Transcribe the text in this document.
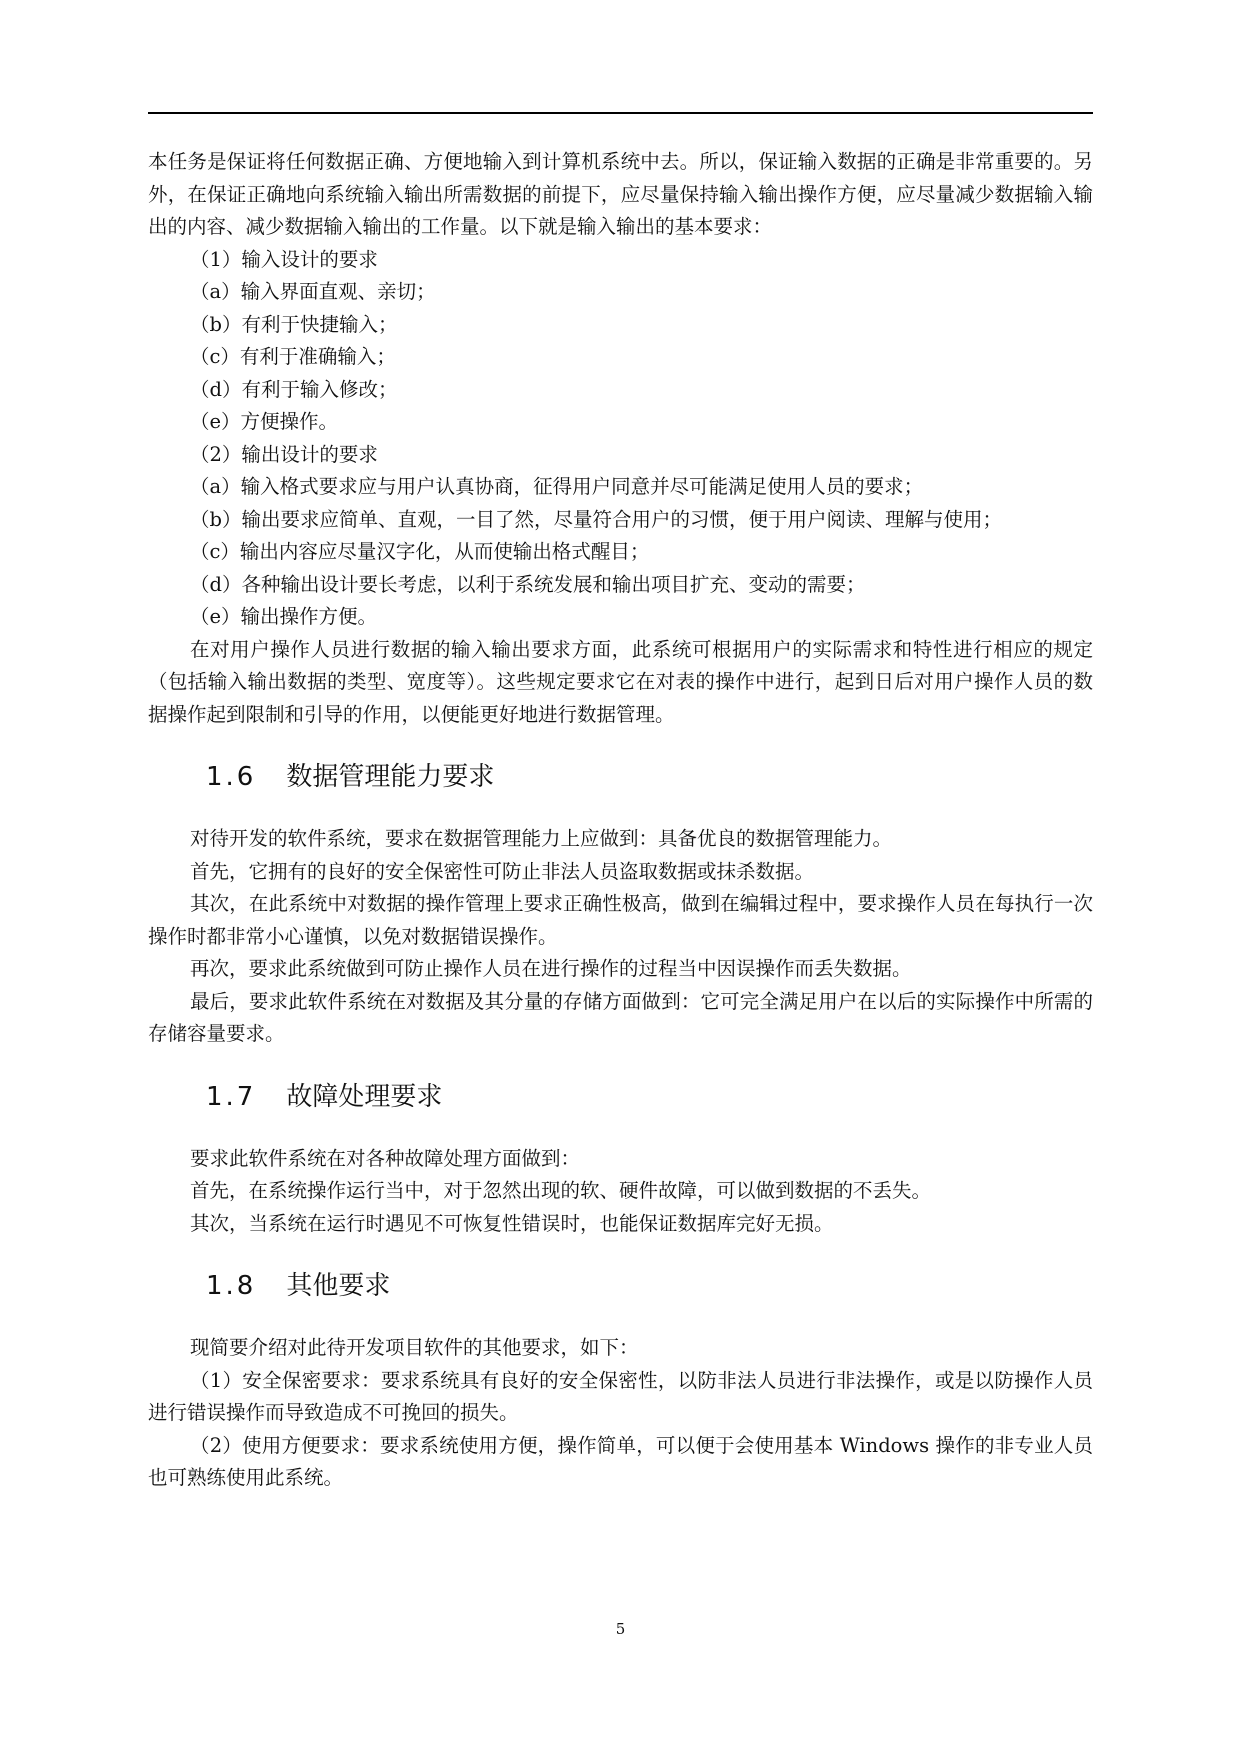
本任务是保证将任何数据正确、方便地输入到计算机系统中去。所以，保证输入数据的正确是非常重要的。另外，在保证正确地向系统输入输出所需数据的前提下，应尽量保持输入输出操作方便，应尽量减少数据输入输出的内容、减少数据输入输出的工作量。以下就是输入输出的基本要求：

（1）输入设计的要求

（a）输入界面直观、亲切；

（b）有利于快捷输入；

（c）有利于准确输入；

（d）有利于输入修改；

（e）方便操作。

（2）输出设计的要求

（a）输入格式要求应与用户认真协商，征得用户同意并尽可能满足使用人员的要求；

（b）输出要求应简单、直观，一目了然，尽量符合用户的习惯，便于用户阅读、理解与使用；

（c）输出内容应尽量汉字化，从而使输出格式醒目；

（d）各种输出设计要长考虑，以利于系统发展和输出项目扩充、变动的需要；

（e）输出操作方便。

在对用户操作人员进行数据的输入输出要求方面，此系统可根据用户的实际需求和特性进行相应的规定（包括输入输出数据的类型、宽度等）。这些规定要求它在对表的操作中进行，起到日后对用户操作人员的数据操作起到限制和引导的作用，以便能更好地进行数据管理。

1.6 数据管理能力要求

对待开发的软件系统，要求在数据管理能力上应做到：具备优良的数据管理能力。

首先，它拥有的良好的安全保密性可防止非法人员盗取数据或抹杀数据。

其次，在此系统中对数据的操作管理上要求正确性极高，做到在编辑过程中，要求操作人员在每执行一次操作时都非常小心谨慎，以免对数据错误操作。

再次，要求此系统做到可防止操作人员在进行操作的过程当中因误操作而丢失数据。

最后，要求此软件系统在对数据及其分量的存储方面做到：它可完全满足用户在以后的实际操作中所需的存储容量要求。

1.7 故障处理要求

要求此软件系统在对各种故障处理方面做到：

首先，在系统操作运行当中，对于忽然出现的软、硬件故障，可以做到数据的不丢失。

其次，当系统在运行时遇见不可恢复性错误时，也能保证数据库完好无损。

1.8 其他要求

现简要介绍对此待开发项目软件的其他要求，如下：

（1）安全保密要求：要求系统具有良好的安全保密性，以防非法人员进行非法操作，或是以防操作人员进行错误操作而导致造成不可挽回的损失。

（2）使用方便要求：要求系统使用方便，操作简单，可以便于会使用基本 Windows 操作的非专业人员也可熟练使用此系统。

5
